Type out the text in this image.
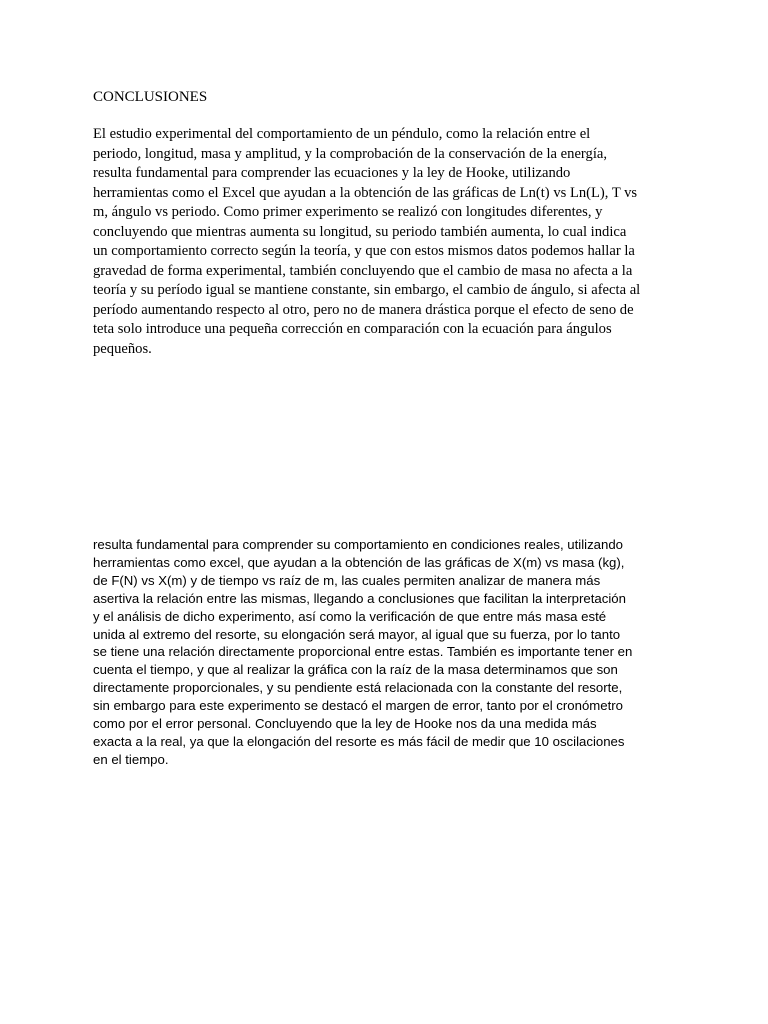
CONCLUSIONES

El estudio experimental del comportamiento de un péndulo, como la relación entre el
periodo, longitud, masa y amplitud, y la comprobación de la conservación de la energía,
resulta fundamental para comprender las ecuaciones y la ley de Hooke, utilizando
herramientas como el Excel que ayudan a la obtención de las gráficas de Ln(t) vs Ln(L), T vs
m, ángulo vs periodo. Como primer experimento se realizó con longitudes diferentes, y
concluyendo que mientras aumenta su longitud, su periodo también aumenta, lo cual indica
un comportamiento correcto según la teoría, y que con estos mismos datos podemos hallar la
gravedad de forma experimental, también concluyendo que el cambio de masa no afecta a la
teoría y su período igual se mantiene constante, sin embargo, el cambio de ángulo, si afecta al
período aumentando respecto al otro, pero no de manera drástica porque el efecto de seno de
teta solo introduce una pequeña corrección en comparación con la ecuación para ángulos
pequeños.

resulta fundamental para comprender su comportamiento en condiciones reales, utilizando
herramientas como excel, que ayudan a la obtención de las gráficas de X(m) vs masa (kg),
de F(N) vs X(m) y de tiempo vs raíz de m, las cuales permiten analizar de manera más
asertiva la relación entre las mismas, llegando a conclusiones que facilitan la interpretación
y el análisis de dicho experimento, así como la verificación de que entre más masa esté
unida al extremo del resorte, su elongación será mayor, al igual que su fuerza, por lo tanto
se tiene una relación directamente proporcional entre estas. También es importante tener en
cuenta el tiempo, y que al realizar la gráfica con la raíz de la masa determinamos que son
directamente proporcionales, y su pendiente está relacionada con la constante del resorte,
sin embargo para este experimento se destacó el margen de error, tanto por el cronómetro
como por el error personal. Concluyendo que la ley de Hooke nos da una medida más
exacta a la real, ya que la elongación del resorte es más fácil de medir que 10 oscilaciones
en el tiempo.
